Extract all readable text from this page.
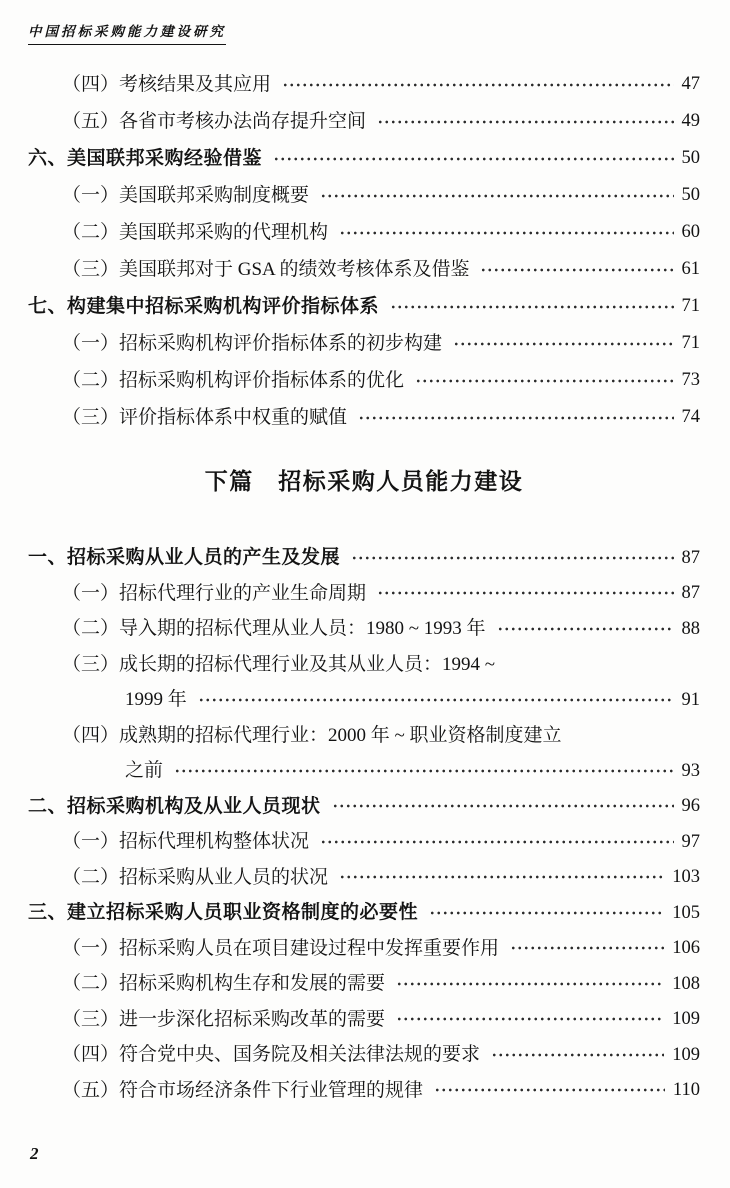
中国招标采购能力建设研究
（四）考核结果及其应用	47
（五）各省市考核办法尚存提升空间	49
六、美国联邦采购经验借鉴	50
（一）美国联邦采购制度概要	50
（二）美国联邦采购的代理机构	60
（三）美国联邦对于 GSA 的绩效考核体系及借鉴	61
七、构建集中招标采购机构评价指标体系	71
（一）招标采购机构评价指标体系的初步构建	71
（二）招标采购机构评价指标体系的优化	73
（三）评价指标体系中权重的赋值	74
下篇　招标采购人员能力建设
一、招标采购从业人员的产生及发展	87
（一）招标代理行业的产业生命周期	87
（二）导入期的招标代理从业人员：1980 ~ 1993 年	88
（三）成长期的招标代理行业及其从业人员：1994 ~
1999 年	91
（四）成熟期的招标代理行业：2000 年 ~ 职业资格制度建立
之前	93
二、招标采购机构及从业人员现状	96
（一）招标代理机构整体状况	97
（二）招标采购从业人员的状况	103
三、建立招标采购人员职业资格制度的必要性	105
（一）招标采购人员在项目建设过程中发挥重要作用	106
（二）招标采购机构生存和发展的需要	108
（三）进一步深化招标采购改革的需要	109
（四）符合党中央、国务院及相关法律法规的要求	109
（五）符合市场经济条件下行业管理的规律	110
2
